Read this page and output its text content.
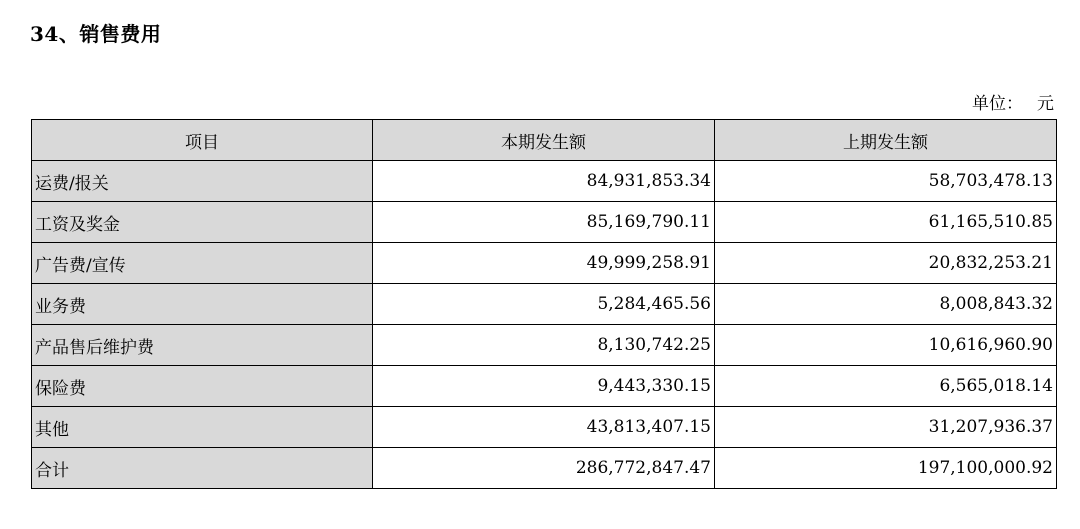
34、销售费用
单位： 元
项目	本期发生额	上期发生额
运费/报关	84,931,853.34	58,703,478.13
工资及奖金	85,169,790.11	61,165,510.85
广告费/宣传	49,999,258.91	20,832,253.21
业务费	5,284,465.56	8,008,843.32
产品售后维护费	8,130,742.25	10,616,960.90
保险费	9,443,330.15	6,565,018.14
其他	43,813,407.15	31,207,936.37
合计	286,772,847.47	197,100,000.92
